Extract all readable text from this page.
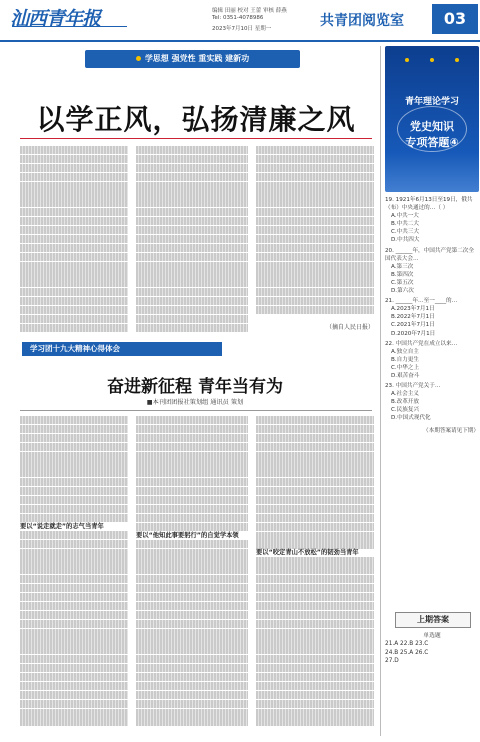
汕西青年报	编辑 田丽 校对 王蕾 审核 薛燕
Tel: 0351-4078986
2023年7月10日 星期一	共青团阅览室	03
学思想 强党性 重实践 建新功
以学正风，弘扬清廉之风
（摘自人民日报）
学习团十九大精神心得体会
奋进新征程 青年当有为
■本刊团团报社策划组 通讯员 策划
要以“说走就走”的志气当青年
要以“他知此事要躬行”的自觉学本领
要以“咬定青山不放松”的韧劲当青年
青年理论学习
党史知识
专项答题④
19. 1921年6月13日至19日，俄共（布）中央通过的…（ ）
A.中共一大
B.中共二大
C.中共三大
D.中共四大
20. ______年，中国共产党第二次全国代表大会…
A.第三次
B.第四次
C.第五次
D.第六次
21. ______年…至一____的…
A.2023年7月1日
B.2022年7月1日
C.2021年7月1日
D.2020年7月1日
22. 中国共产党在成立以来…
A.独立自主
B.自力更生
C.中华之上
D.艰苦奋斗
23. 中国共产党关于…
A.社会主义
B.改革开放
C.民族复兴
D.中国式现代化
（本期答案请见下期）
上期答案
单选题
21.A 22.B 23.C
24.B 25.A 26.C
27.D
